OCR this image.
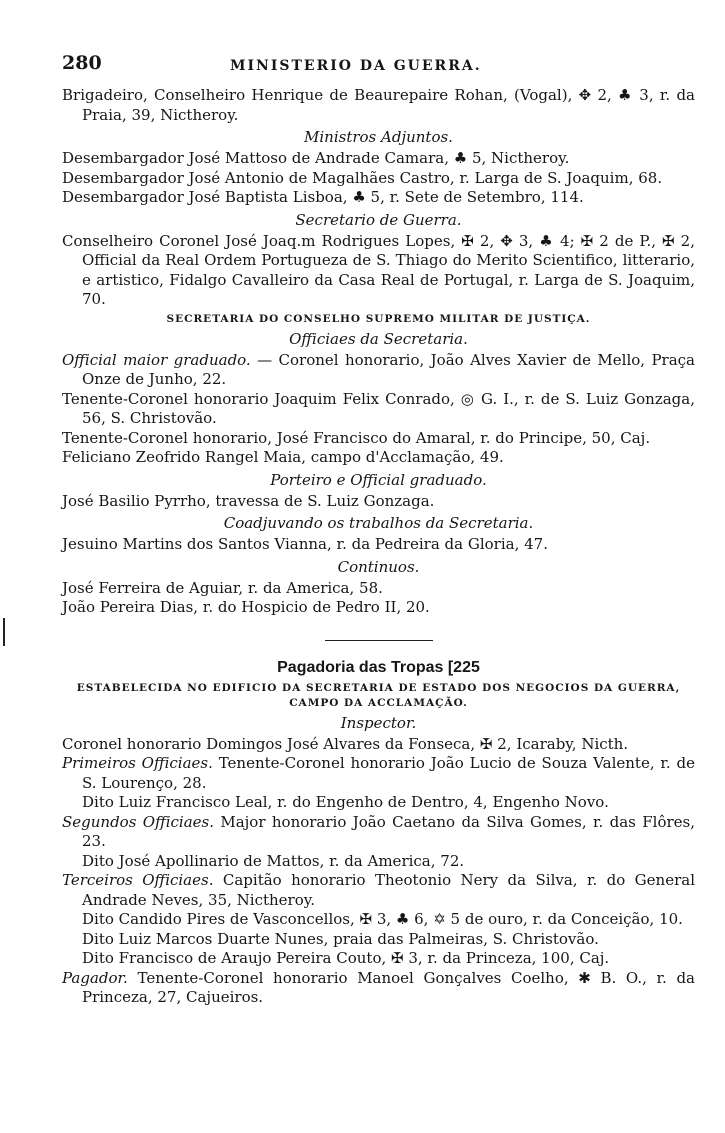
280	MINISTERIO DA GUERRA.

Brigadeiro, Conselheiro Henrique de Beaurepaire Rohan, (Vogal), ✥ 2, ♣ 3, r. da Praia, 39, Nictheroy.

Ministros Adjuntos.

Desembargador José Mattoso de Andrade Camara, ♣ 5, Nictheroy.

Desembargador José Antonio de Magalhães Castro, r. Larga de S. Joaquim, 68.

Desembargador José Baptista Lisboa, ♣ 5, r. Sete de Setembro, 114.

Secretario de Guerra.

Conselheiro Coronel José Joaq.m Rodrigues Lopes, ✠ 2, ✥ 3, ♣ 4; ✠ 2 de P., ✠ 2, Official da Real Ordem Portugueza de S. Thiago do Merito Scientifico, litterario, e artistico, Fidalgo Cavalleiro da Casa Real de Portugal, r. Larga de S. Joaquim, 70.

SECRETARIA DO CONSELHO SUPREMO MILITAR DE JUSTIÇA.
Officiaes da Secretaria.

Official maior graduado. — Coronel honorario, João Alves Xavier de Mello, Praça Onze de Junho, 22.

Tenente-Coronel honorario Joaquim Felix Conrado, ◎ G. I., r. de S. Luiz Gonzaga, 56, S. Christovão.

Tenente-Coronel honorario, José Francisco do Amaral, r. do Principe, 50, Caj.

Feliciano Zeofrido Rangel Maia, campo d'Acclamação, 49.

Porteiro e Official graduado.

José Basilio Pyrrho, travessa de S. Luiz Gonzaga.

Coadjuvando os trabalhos da Secretaria.

Jesuino Martins dos Santos Vianna, r. da Pedreira da Gloria, 47.

Continuos.

José Ferreira de Aguiar, r. da America, 58.

João Pereira Dias, r. do Hospicio de Pedro II, 20.

Pagadoria das Tropas [225
ESTABELECIDA NO EDIFICIO DA SECRETARIA DE ESTADO DOS NEGOCIOS DA GUERRA, CAMPO DA ACCLAMAÇÃO.
Inspector.

Coronel honorario Domingos José Alvares da Fonseca, ✠ 2, Icaraby, Nicth.

Primeiros Officiaes. Tenente-Coronel honorario João Lucio de Souza Valente, r. de S. Lourenço, 28.

Dito Luiz Francisco Leal, r. do Engenho de Dentro, 4, Engenho Novo.

Segundos Officiaes. Major honorario João Caetano da Silva Gomes, r. das Flôres, 23.

Dito José Apollinario de Mattos, r. da America, 72.

Terceiros Officiaes. Capitão honorario Theotonio Nery da Silva, r. do General Andrade Neves, 35, Nictheroy.

Dito Candido Pires de Vasconcellos, ✠ 3, ♣ 6, ✡ 5 de ouro, r. da Conceição, 10.

Dito Luiz Marcos Duarte Nunes, praia das Palmeiras, S. Christovão.

Dito Francisco de Araujo Pereira Couto, ✠ 3, r. da Princeza, 100, Caj.

Pagador. Tenente-Coronel honorario Manoel Gonçalves Coelho, ✱ B. O., r. da Princeza, 27, Cajueiros.
